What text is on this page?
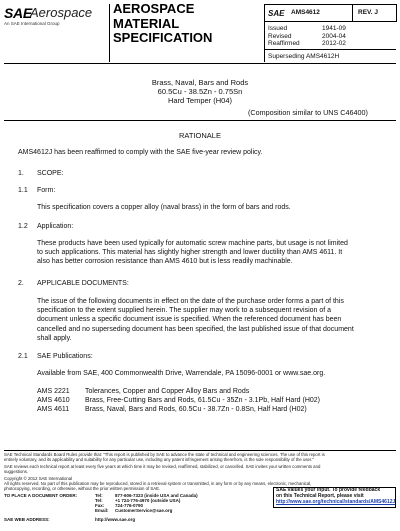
SAE
Aerospace
An SAE International Group
AEROSPACE
MATERIAL
SPECIFICATION
SAE AMS4612	REV. J
Issued	1941-09
Revised	2004-04
Reaffirmed	2012-02
Superseding AMS4612H
Brass, Naval, Bars and Rods
60.5Cu - 38.5Zn - 0.75Sn
Hard Temper (H04)
(Composition similar to UNS C46400)
RATIONALE
AMS4612J has been reaffirmed to comply with the SAE five-year review policy.
1. SCOPE:
1.1 Form:
This specification covers a copper alloy (naval brass) in the form of bars and rods.
1.2 Application:
These products have been used typically for automatic screw machine parts, but usage is not limited
to such applications. This material has slightly higher strength and lower ductility than AMS 4611. It
also has better corrosion resistance than AMS 4610 but is less readily machinable.
2. APPLICABLE DOCUMENTS:
The issue of the following documents in effect on the date of the purchase order forms a part of this
specification to the extent supplied herein. The supplier may work to a subsequent revision of a
document unless a specific document issue is specified. When the referenced document has been
cancelled and no superseding document has been specified, the last published issue of that document
shall apply.
2.1 SAE Publications:
Available from SAE, 400 Commonwealth Drive, Warrendale, PA 15096-0001 or www.sae.org.
AMS 2221 Tolerances, Copper and Copper Alloy Bars and Rods
AMS 4610 Brass, Free-Cutting Bars and Rods, 61.5Cu - 35Zn - 3.1Pb, Half Hard (H02)
AMS 4611 Brass, Naval, Bars and Rods, 60.5Cu - 38.7Zn - 0.8Sn, Half Hard (H02)
SAE Technical Standards Board Rules provide that: "This report is published by SAE to advance the state of technical and engineering sciences. The use of this report is
entirely voluntary, and its applicability and suitability for any particular use, including any patent infringement arising therefrom, is the sole responsibility of the user."
SAE reviews each technical report at least every five years at which time it may be revised, reaffirmed, stabilized, or cancelled. SAE invites your written comments and
suggestions.
Copyright © 2012 SAE International
All rights reserved. No part of this publication may be reproduced, stored in a retrieval system or transmitted, in any form or by any means, electronic, mechanical,
photocopying, recording, or otherwise, without the prior written permission of SAE.
TO PLACE A DOCUMENT ORDER:	Tel:	877-606-7323 (inside USA and Canada)
Tel:	+1 724-776-4970 (outside USA)
Fax: 724-776-0790
Email: CustomerService@sae.org
SAE WEB ADDRESS:	http://www.sae.org
SAE values your input. To provide feedback
on this Technical Report, please visit
http://www.sae.org/technical/standards/AMS4612J
